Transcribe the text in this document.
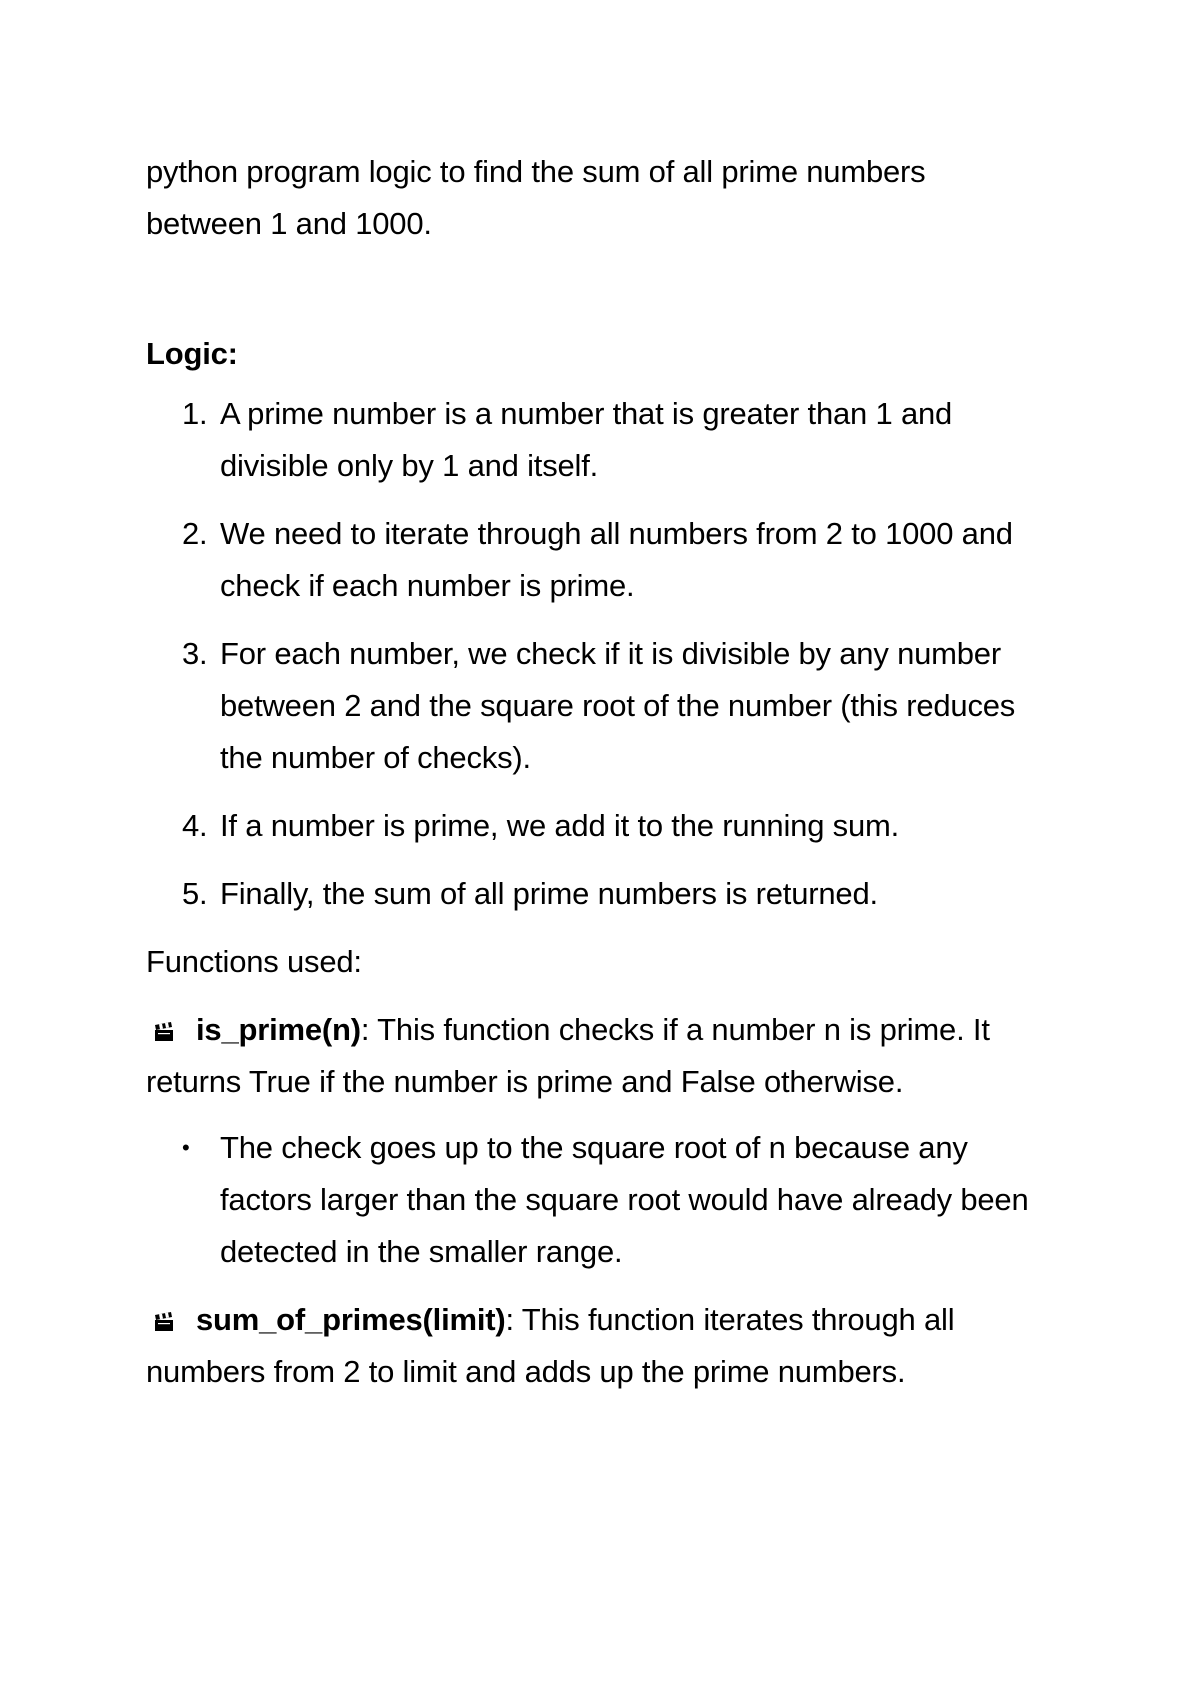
python program logic to find the sum of all prime numbers between 1 and 1000.

Logic:

1. A prime number is a number that is greater than 1 and divisible only by 1 and itself.
2. We need to iterate through all numbers from 2 to 1000 and check if each number is prime.
3. For each number, we check if it is divisible by any number between 2 and the square root of the number (this reduces the number of checks).
4. If a number is prime, we add it to the running sum.
5. Finally, the sum of all prime numbers is returned.

Functions used:

is_prime(n): This function checks if a number n is prime. It returns True if the number is prime and False otherwise.

• The check goes up to the square root of n because any factors larger than the square root would have already been detected in the smaller range.

sum_of_primes(limit): This function iterates through all numbers from 2 to limit and adds up the prime numbers.
